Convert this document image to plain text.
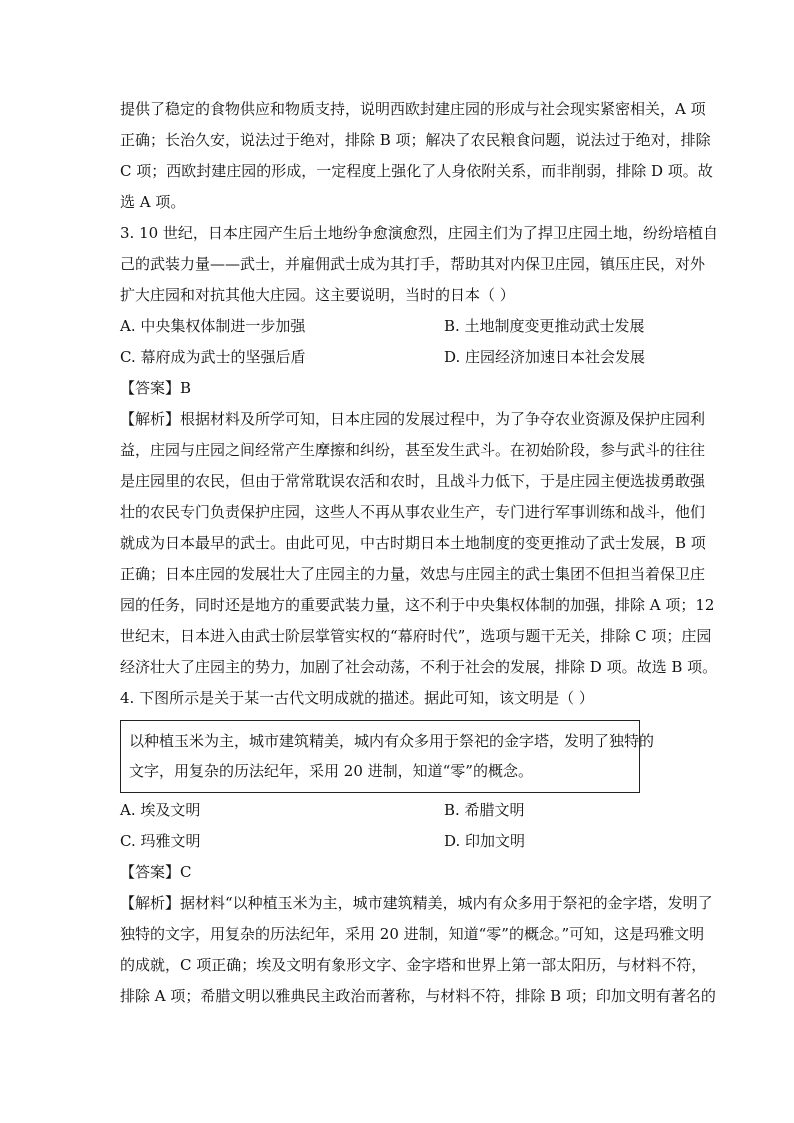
提供了稳定的食物供应和物质支持，说明西欧封建庄园的形成与社会现实紧密相关，A 项
正确；长治久安，说法过于绝对，排除 B 项；解决了农民粮食问题，说法过于绝对，排除
C 项；西欧封建庄园的形成，一定程度上强化了人身依附关系，而非削弱，排除 D 项。故
选 A 项。
3. 10 世纪，日本庄园产生后土地纷争愈演愈烈，庄园主们为了捍卫庄园土地，纷纷培植自
己的武装力量——武士，并雇佣武士成为其打手，帮助其对内保卫庄园，镇压庄民，对外
扩大庄园和对抗其他大庄园。这主要说明，当时的日本（ ）
A. 中央集权体制进一步加强	B. 土地制度变更推动武士发展
C. 幕府成为武士的坚强后盾	D. 庄园经济加速日本社会发展
【答案】B
【解析】根据材料及所学可知，日本庄园的发展过程中，为了争夺农业资源及保护庄园利
益，庄园与庄园之间经常产生摩擦和纠纷，甚至发生武斗。在初始阶段，参与武斗的往往
是庄园里的农民，但由于常常耽误农活和农时，且战斗力低下，于是庄园主便选拔勇敢强
壮的农民专门负责保护庄园，这些人不再从事农业生产，专门进行军事训练和战斗，他们
就成为日本最早的武士。由此可见，中古时期日本土地制度的变更推动了武士发展，B 项
正确；日本庄园的发展壮大了庄园主的力量，效忠与庄园主的武士集团不但担当着保卫庄
园的任务，同时还是地方的重要武装力量，这不利于中央集权体制的加强，排除 A 项；12
世纪末，日本进入由武士阶层掌管实权的“幕府时代”，选项与题干无关，排除 C 项；庄园
经济壮大了庄园主的势力，加剧了社会动荡，不利于社会的发展，排除 D 项。故选 B 项。
4. 下图所示是关于某一古代文明成就的描述。据此可知，该文明是（ ）
以种植玉米为主，城市建筑精美，城内有众多用于祭祀的金字塔，发明了独特的
文字，用复杂的历法纪年，采用 20 进制，知道“零”的概念。
A. 埃及文明	B. 希腊文明
C. 玛雅文明	D. 印加文明
【答案】C
【解析】据材料“以种植玉米为主，城市建筑精美，城内有众多用于祭祀的金字塔，发明了
独特的文字，用复杂的历法纪年，采用 20 进制，知道“零”的概念。”可知，这是玛雅文明
的成就，C 项正确；埃及文明有象形文字、金字塔和世界上第一部太阳历，与材料不符，
排除 A 项；希腊文明以雅典民主政治而著称，与材料不符，排除 B 项；印加文明有著名的
